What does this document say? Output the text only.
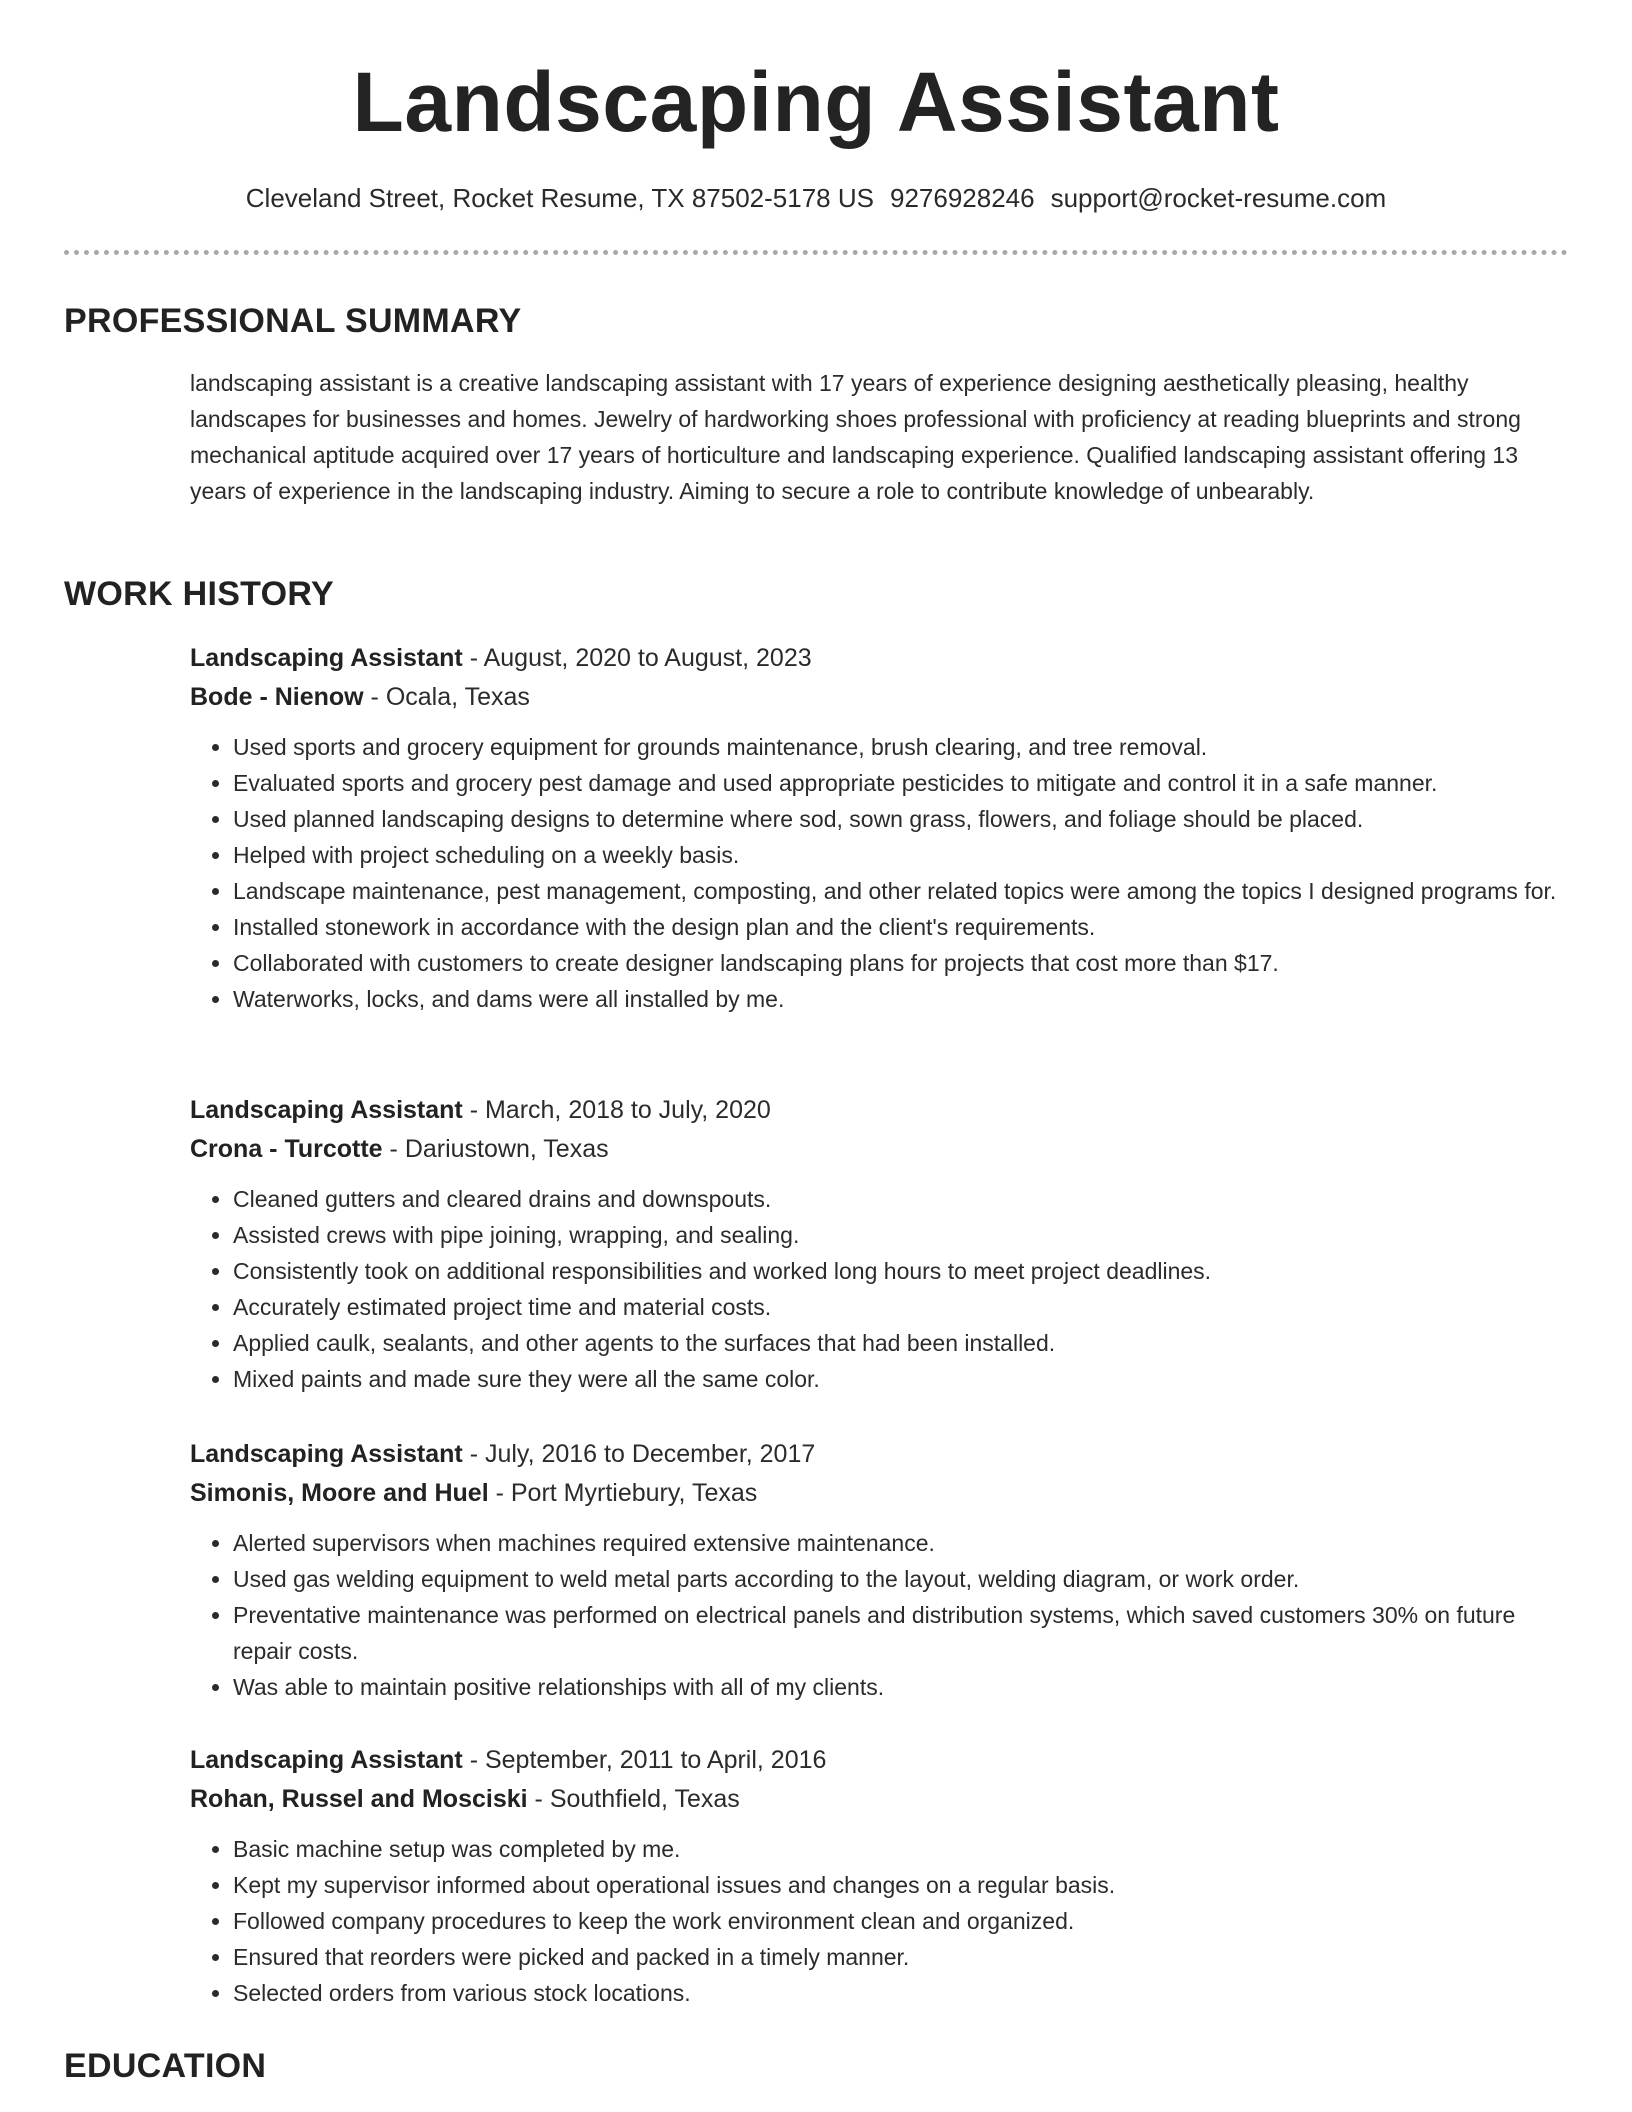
Landscaping Assistant
Cleveland Street, Rocket Resume, TX 87502-5178 US 9276928246 support@rocket-resume.com
PROFESSIONAL SUMMARY

landscaping assistant is a creative landscaping assistant with 17 years of experience designing aesthetically pleasing, healthy landscapes for businesses and homes. Jewelry of hardworking shoes professional with proficiency at reading blueprints and strong mechanical aptitude acquired over 17 years of horticulture and landscaping experience. Qualified landscaping assistant offering 13 years of experience in the landscaping industry. Aiming to secure a role to contribute knowledge of unbearably.

WORK HISTORY
Landscaping Assistant - August, 2020 to August, 2023
Bode - Nienow - Ocala, Texas
• Used sports and grocery equipment for grounds maintenance, brush clearing, and tree removal.
• Evaluated sports and grocery pest damage and used appropriate pesticides to mitigate and control it in a safe manner.
• Used planned landscaping designs to determine where sod, sown grass, flowers, and foliage should be placed.
• Helped with project scheduling on a weekly basis.
• Landscape maintenance, pest management, composting, and other related topics were among the topics I designed programs for.
• Installed stonework in accordance with the design plan and the client's requirements.
• Collaborated with customers to create designer landscaping plans for projects that cost more than $17.
• Waterworks, locks, and dams were all installed by me.
Landscaping Assistant - March, 2018 to July, 2020
Crona - Turcotte - Dariustown, Texas
• Cleaned gutters and cleared drains and downspouts.
• Assisted crews with pipe joining, wrapping, and sealing.
• Consistently took on additional responsibilities and worked long hours to meet project deadlines.
• Accurately estimated project time and material costs.
• Applied caulk, sealants, and other agents to the surfaces that had been installed.
• Mixed paints and made sure they were all the same color.
Landscaping Assistant - July, 2016 to December, 2017
Simonis, Moore and Huel - Port Myrtiebury, Texas
• Alerted supervisors when machines required extensive maintenance.
• Used gas welding equipment to weld metal parts according to the layout, welding diagram, or work order.
• Preventative maintenance was performed on electrical panels and distribution systems, which saved customers 30% on future repair costs.
• Was able to maintain positive relationships with all of my clients.
Landscaping Assistant - September, 2011 to April, 2016
Rohan, Russel and Mosciski - Southfield, Texas
• Basic machine setup was completed by me.
• Kept my supervisor informed about operational issues and changes on a regular basis.
• Followed company procedures to keep the work environment clean and organized.
• Ensured that reorders were picked and packed in a timely manner.
• Selected orders from various stock locations.
EDUCATION
